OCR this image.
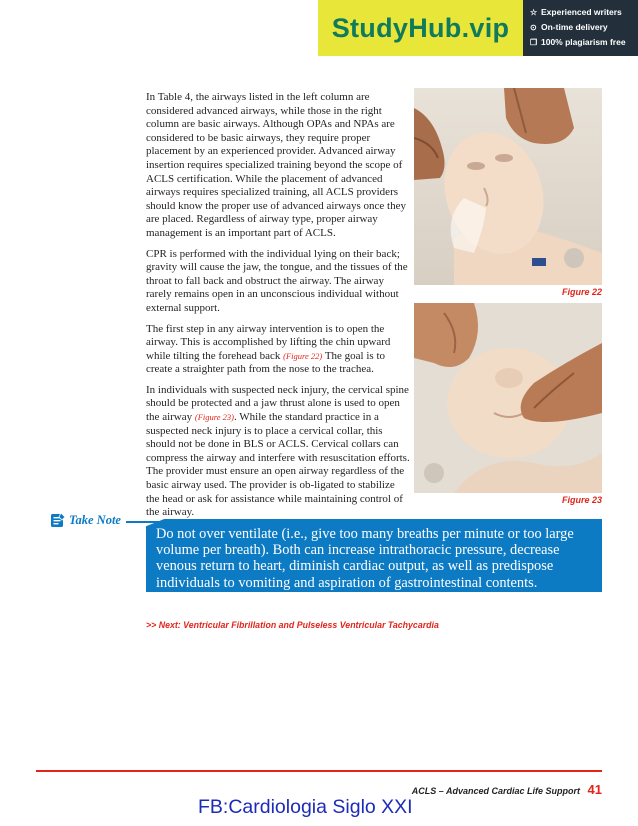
StudyHub.vip	☆ Experienced writers
⊙ On-time delivery
❐ 100% plagiarism free

In Table 4, the airways listed in the left column are considered advanced airways, while those in the right column are basic airways. Although OPAs and NPAs are considered to be basic airways, they require proper placement by an experienced provider. Advanced airway insertion requires specialized training beyond the scope of ACLS certification. While the placement of advanced airways requires specialized training, all ACLS providers should know the proper use of advanced airways once they are placed. Regardless of airway type, proper airway management is an important part of ACLS.

CPR is performed with the individual lying on their back; gravity will cause the jaw, the tongue, and the tissues of the throat to fall back and obstruct the airway. The airway rarely remains open in an unconscious individual without external support.

The first step in any airway intervention is to open the airway. This is accomplished by lifting the chin upward while tilting the forehead back (Figure 22) The goal is to create a straighter path from the nose to the trachea.

In individuals with suspected neck injury, the cervical spine should be protected and a jaw thrust alone is used to open the airway (Figure 23). While the standard practice in a suspected neck injury is to place a cervical collar, this should not be done in BLS or ACLS. Cervical collars can compress the airway and interfere with resuscitation efforts. The provider must ensure an open airway regardless of the basic airway used. The provider is ob-ligated to stabilize the head or ask for assistance while maintaining control of the airway.

Figure 22
Figure 23
Take Note
Do not over ventilate (i.e., give too many breaths per minute or too large volume per breath). Both can increase intrathoracic pressure, decrease venous return to heart, diminish cardiac output, as well as predispose individuals to vomiting and aspiration of gastrointestinal contents.
>> Next: Ventricular Fibrillation and Pulseless Ventricular Tachycardia
ACLS – Advanced Cardiac Life Support 41
FB:Cardiologia Siglo XXI
